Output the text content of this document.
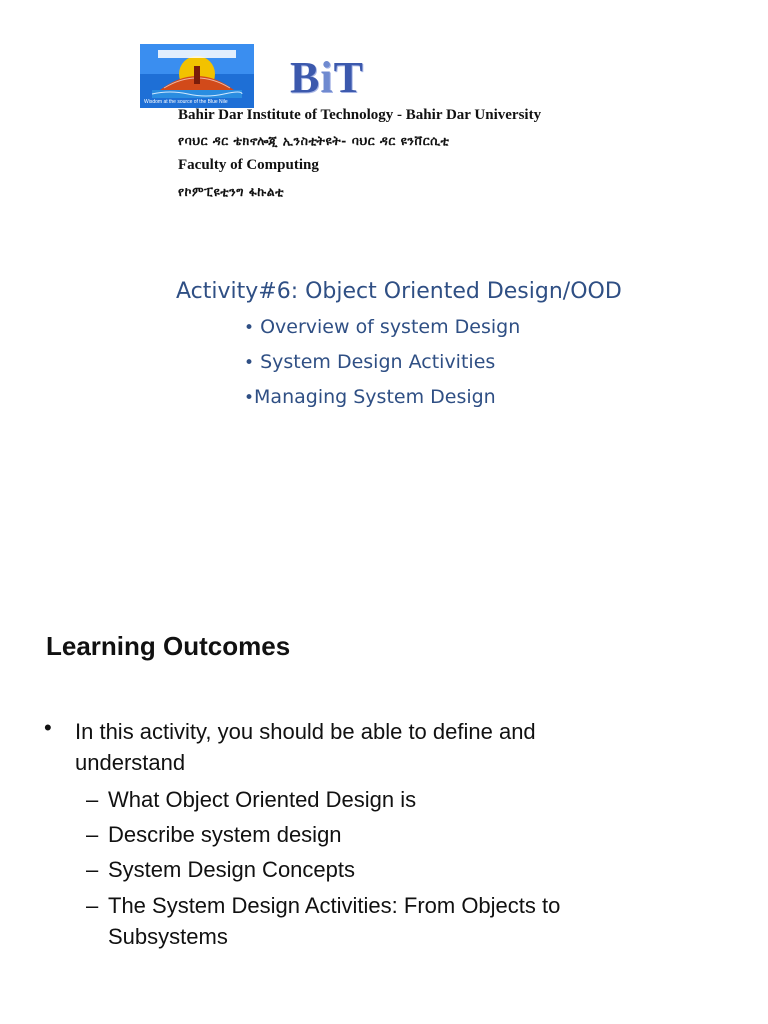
Wisdom at the source of the Blue Nile	BiT
Bahir Dar Institute of Technology - Bahir Dar University
የባህር ዳር ቴክኖሎጂ ኢንስቲትዩት- ባህር ዳር ዩንቨርሲቲ
Faculty of Computing
የኮምፒዩቲንግ ፋኩልቲ
Activity#6: Object Oriented Design/OOD
• Overview of system Design
• System Design Activities
•Managing System Design
Learning Outcomes
• In this activity, you should be able to define and understand
– What Object Oriented Design is
– Describe system design
– System Design Concepts
– The System Design Activities: From Objects to Subsystems
